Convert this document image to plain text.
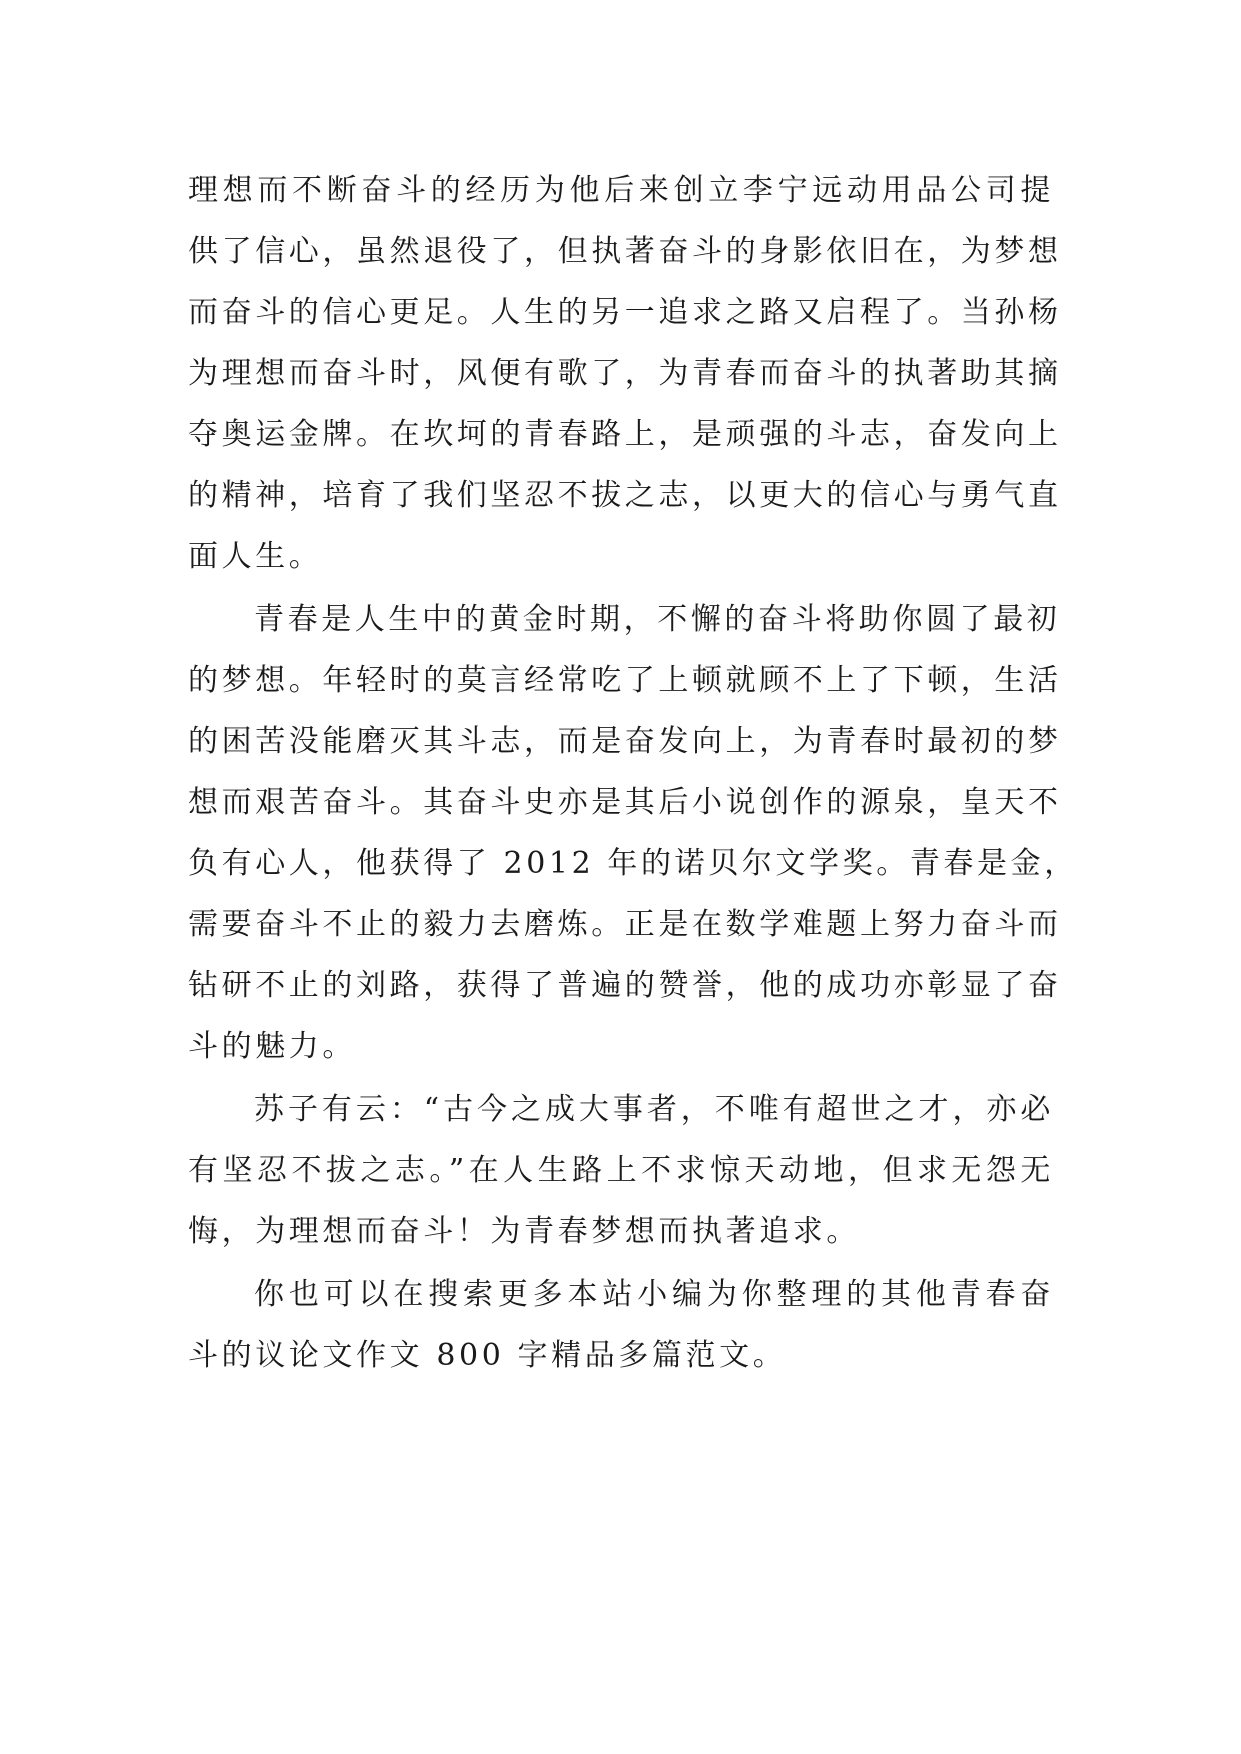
理想而不断奋斗的经历为他后来创立李宁远动用品公司提
供了信心，虽然退役了，但执著奋斗的身影依旧在，为梦想
而奋斗的信心更足。人生的另一追求之路又启程了。当孙杨
为理想而奋斗时，风便有歌了，为青春而奋斗的执著助其摘
夺奥运金牌。在坎坷的青春路上，是顽强的斗志，奋发向上
的精神，培育了我们坚忍不拔之志，以更大的信心与勇气直
面人生。
青春是人生中的黄金时期，不懈的奋斗将助你圆了最初
的梦想。年轻时的莫言经常吃了上顿就顾不上了下顿，生活
的困苦没能磨灭其斗志，而是奋发向上，为青春时最初的梦
想而艰苦奋斗。其奋斗史亦是其后小说创作的源泉，皇天不
负有心人，他获得了 2012 年的诺贝尔文学奖。青春是金，
需要奋斗不止的毅力去磨炼。正是在数学难题上努力奋斗而
钻研不止的刘路，获得了普遍的赞誉，他的成功亦彰显了奋
斗的魅力。
苏子有云：“古今之成大事者，不唯有超世之才，亦必
有坚忍不拔之志。”在人生路上不求惊天动地，但求无怨无
悔，为理想而奋斗！为青春梦想而执著追求。
你也可以在搜索更多本站小编为你整理的其他青春奋
斗的议论文作文 800 字精品多篇范文。
